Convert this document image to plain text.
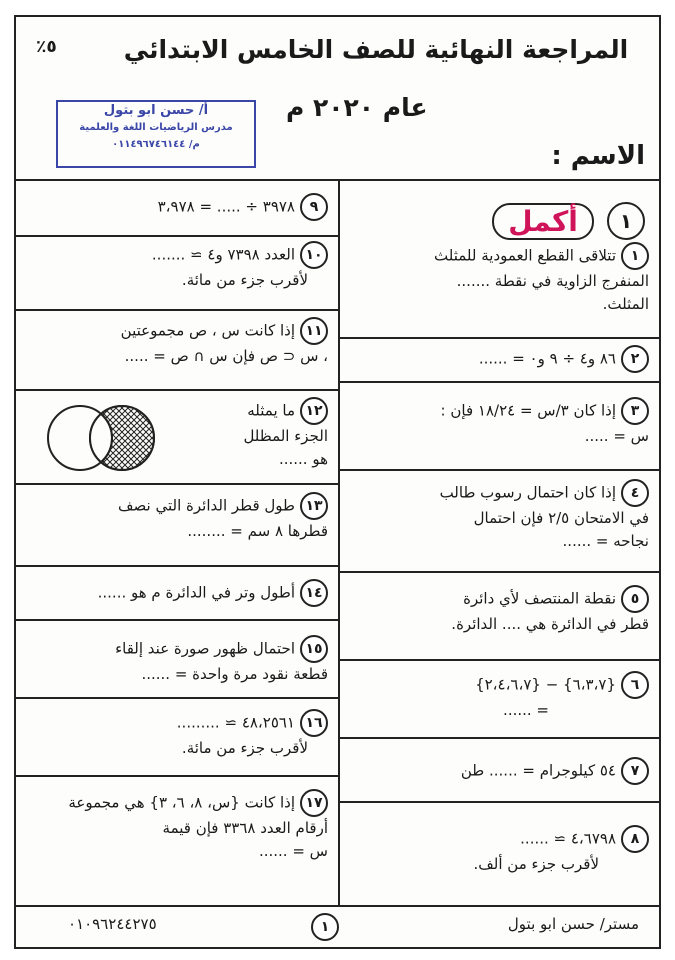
٪٥	المراجعة النهائية للصف الخامس الابتدائي
عام ٢٠٢٠ م
أ/ حسن ابو بتول
مدرس الرياضيات اللغة والعلمية
م/ ٠١١٤٩٦٧٤٦١٤٤	الاسم :
١ أكمل
١تتلاقى القطع العمودية للمثلث
المنفرج الزاوية في نقطة .......
المثلث.
٢٨٦ و٤ ÷ ٩ و٠ = ......
٣إذا كان ٣/س = ١٨/٢٤ فإن :
س = .....
٤إذا كان احتمال رسوب طالب
في الامتحان ٢/٥ فإن احتمال
نجاحه = ......
٥نقطة المنتصف لأي دائرة
قطر في الدائرة هي .... الدائرة.
٦{٦،٣،٧} − {٢،٤،٦،٧}
= ......
٧٥٤ كيلوجرام = ...... طن
٨٤،٦٧٩٨ ≃ ......
لأقرب جزء من ألف.
٩٣٩٧٨ ÷ ..... = ٣،٩٧٨
١٠العدد ٧٣٩٨ و٤ ≃ .......
لأقرب جزء من مائة.
١١إذا كانت س ، ص مجموعتين
، س ⊂ ص فإن س ∩ ص = .....
١٢ما يمثله
الجزء المظلل
هو ......
١٣طول قطر الدائرة التي نصف
قطرها ٨ سم = ........
١٤أطول وتر في الدائرة م هو ......
١٥احتمال ظهور صورة عند إلقاء
قطعة نقود مرة واحدة = ......
١٦٤٨،٢٥٦١ ≃ .........
لأقرب جزء من مائة.
١٧إذا كانت {س، ٨، ٦، ٣} هي مجموعة
أرقام العدد ٣٣٦٨ فإن قيمة
س = ......
مستر/ حسن ابو بتول
١
٠١٠٩٦٢٤٤٢٧٥
